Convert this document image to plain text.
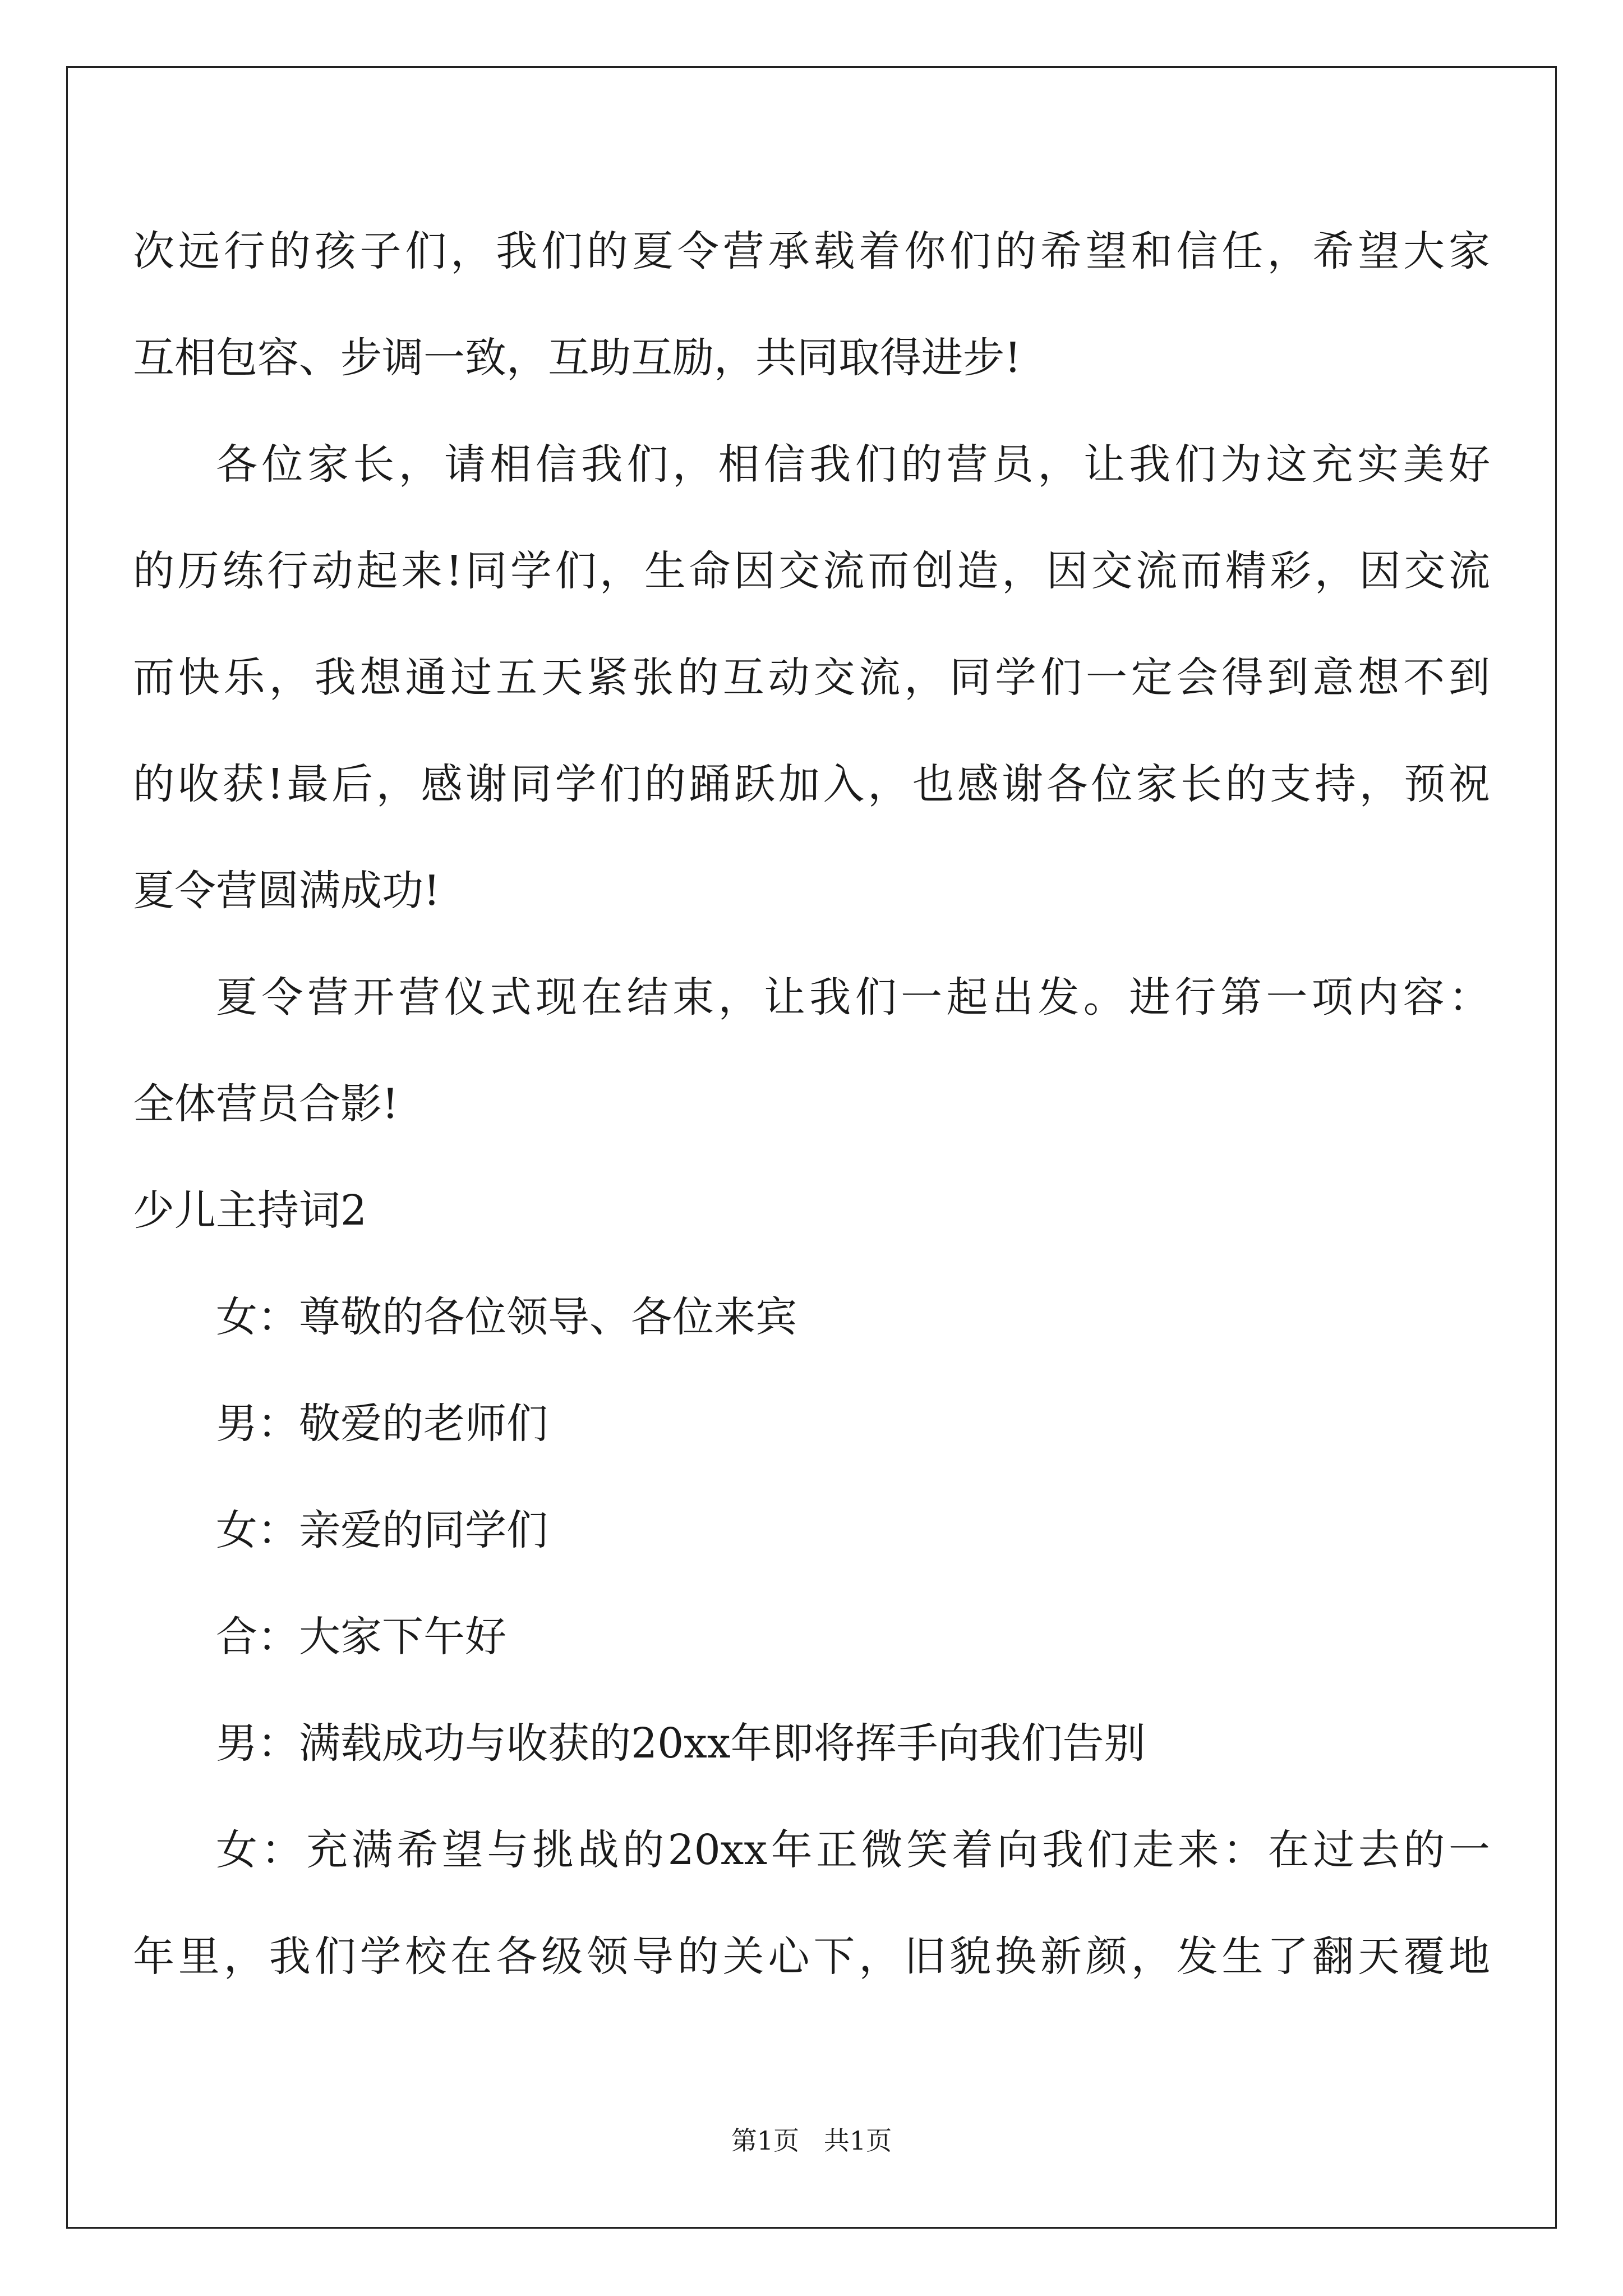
次远行的孩子们，我们的夏令营承载着你们的希望和信任，希望大家
互相包容、步调一致，互助互励，共同取得进步!
各位家长，请相信我们，相信我们的营员，让我们为这充实美好
的历练行动起来!同学们，生命因交流而创造，因交流而精彩，因交流
而快乐，我想通过五天紧张的互动交流，同学们一定会得到意想不到
的收获!最后，感谢同学们的踊跃加入，也感谢各位家长的支持，预祝
夏令营圆满成功!
夏令营开营仪式现在结束，让我们一起出发。进行第一项内容：
全体营员合影!
少儿主持词2
女：尊敬的各位领导、各位来宾
男：敬爱的老师们
女：亲爱的同学们
合：大家下午好
男：满载成功与收获的20xx年即将挥手向我们告别
女：充满希望与挑战的20xx年正微笑着向我们走来：在过去的一
年里，我们学校在各级领导的关心下，旧貌换新颜，发生了翻天覆地
第1页   共1页
